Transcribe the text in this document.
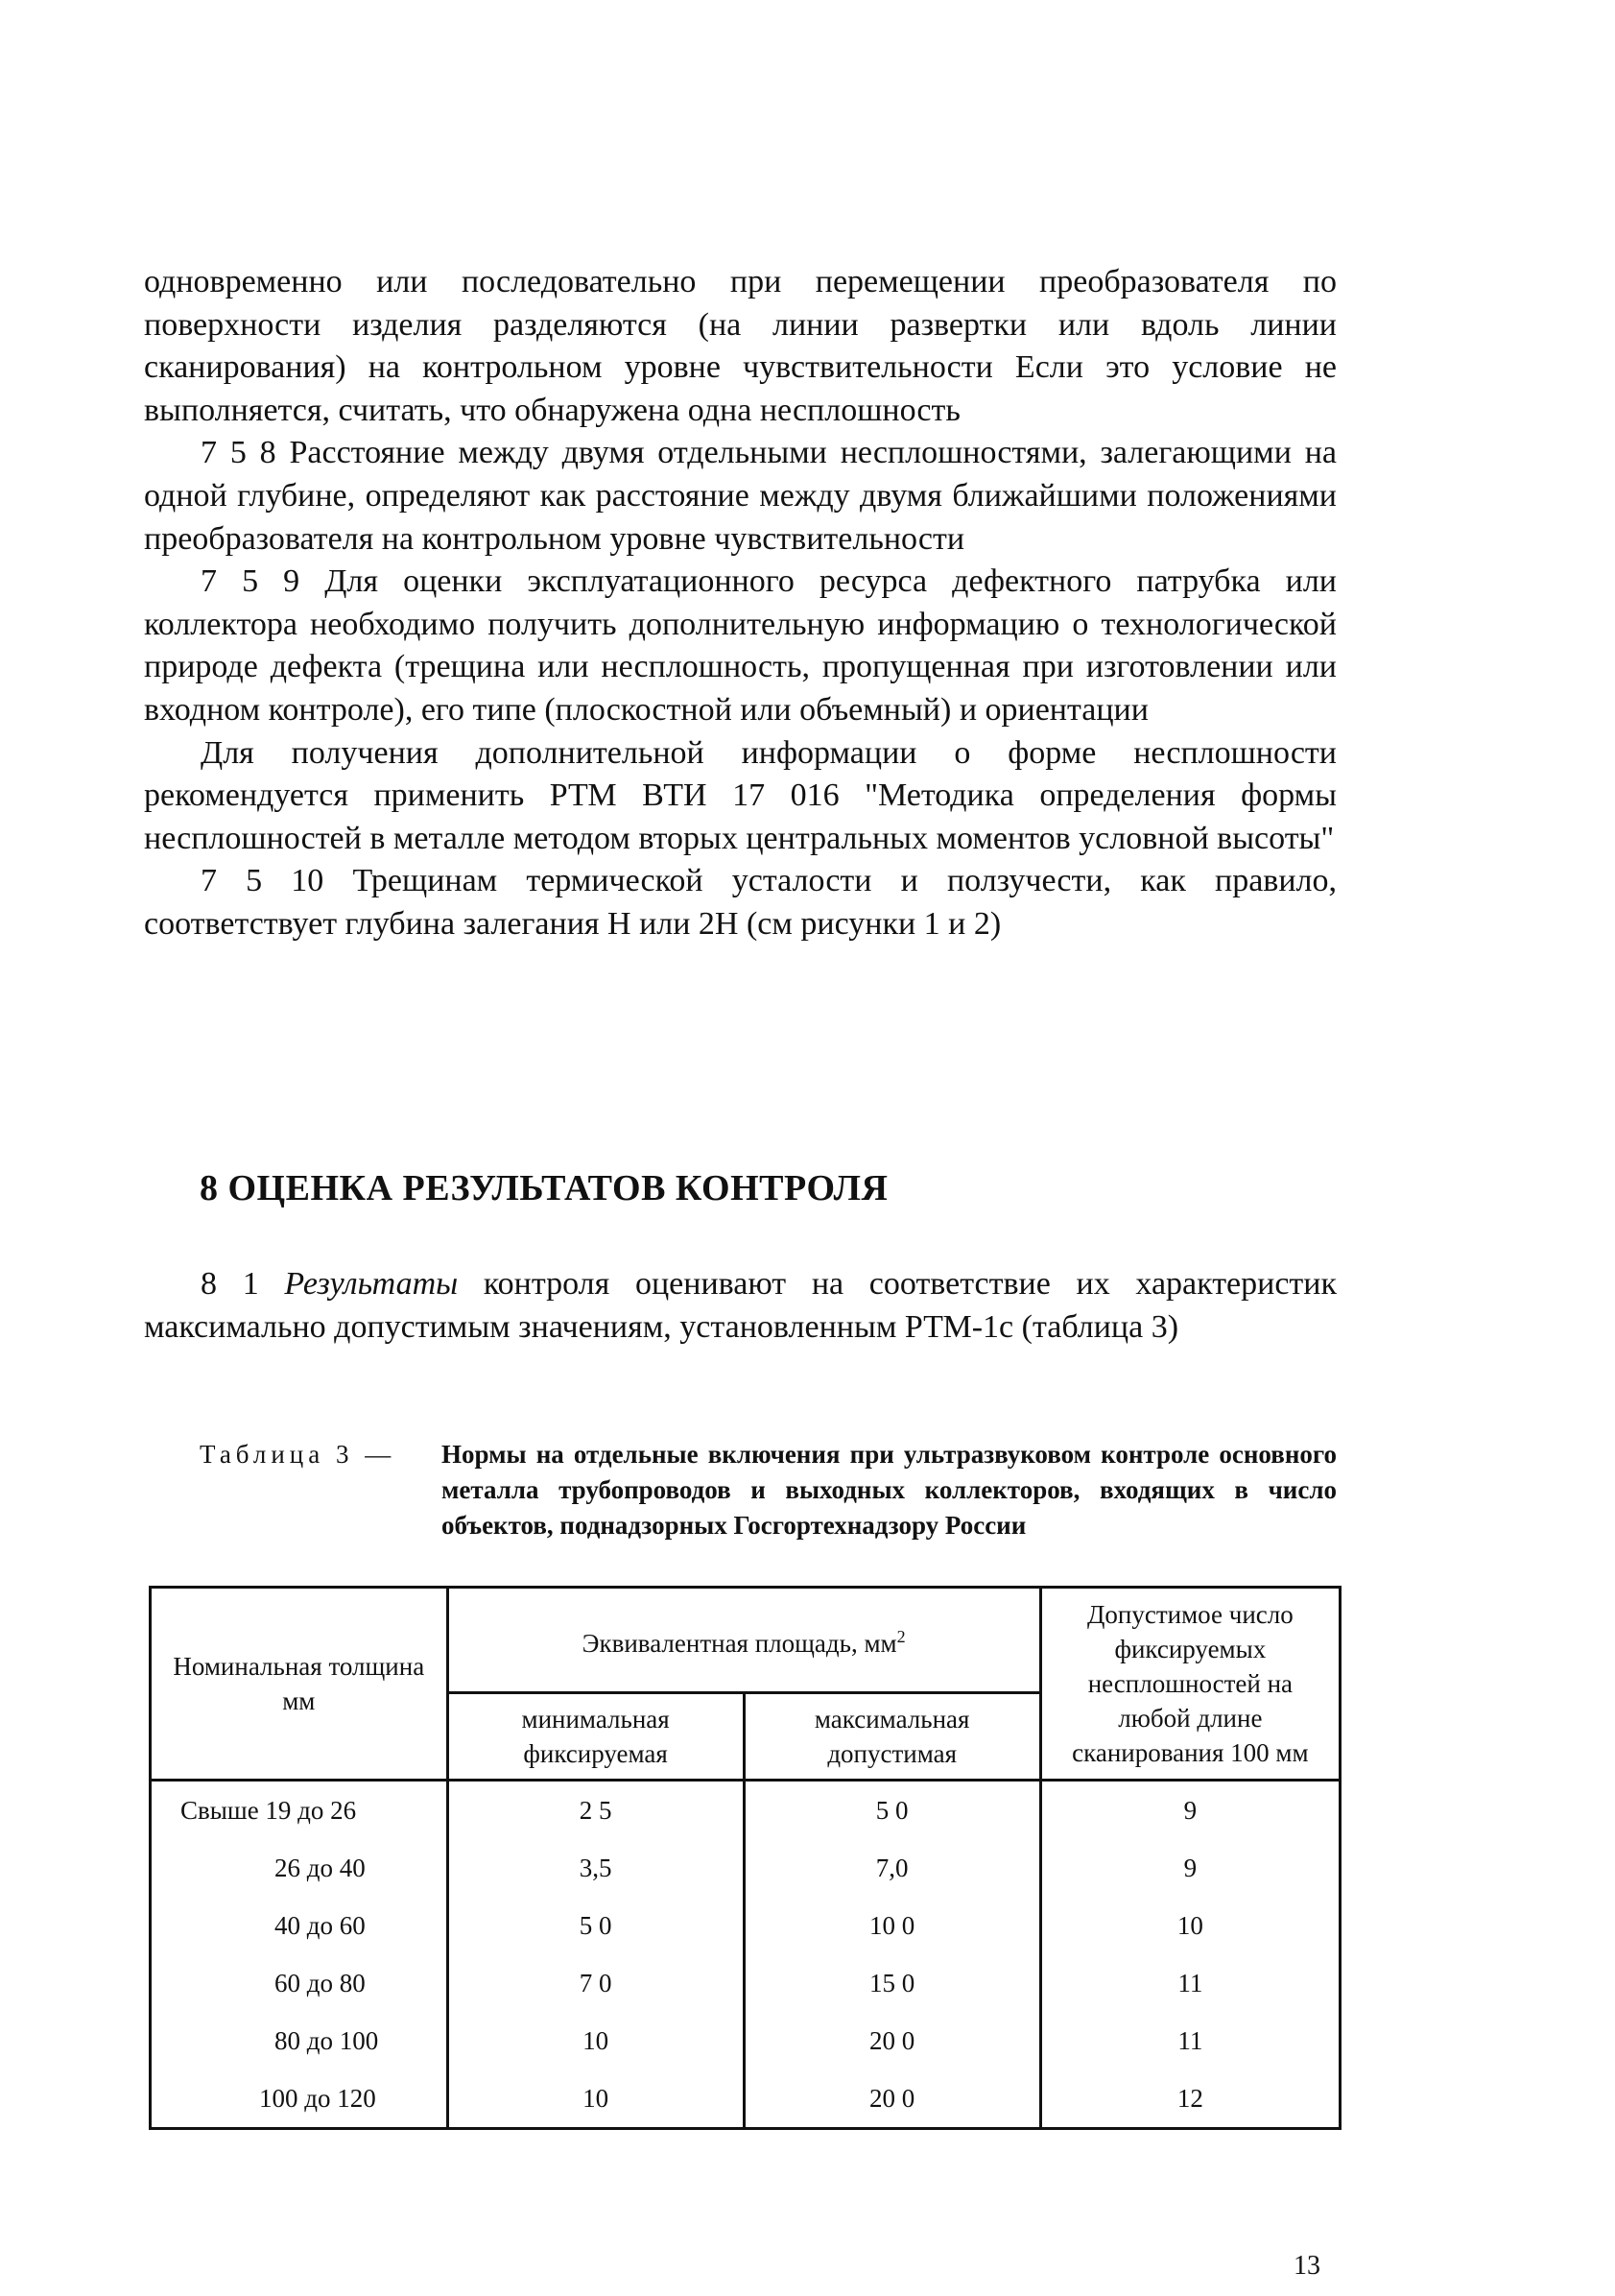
одновременно или последовательно при перемещении преобразователя по поверхности изделия разделяются (на линии развертки или вдоль линии сканирования) на контрольном уровне чувствительности Если это условие не выполняется, считать, что обнаружена одна несплошность

7 5 8 Расстояние между двумя отдельными несплошностями, залегающими на одной глубине, определяют как расстояние между двумя ближайшими положениями преобразователя на контрольном уровне чувствительности

7 5 9 Для оценки эксплуатационного ресурса дефектного патрубка или коллектора необходимо получить дополнительную информацию о технологической природе дефекта (трещина или несплошность, пропущенная при изготовлении или входном контроле), его типе (плоскостной или объемный) и ориентации

Для получения дополнительной информации о форме несплошности рекомендуется применить РТМ ВТИ 17 016 "Методика определения формы несплошностей в металле методом вторых центральных моментов условной высоты"

7 5 10 Трещинам термической усталости и ползучести, как правило, соответствует глубина залегания Н или 2Н (см рисунки 1 и 2)

8 ОЦЕНКА РЕЗУЛЬТАТОВ КОНТРОЛЯ

8 1 Результаты контроля оценивают на соответствие их характеристик максимально допустимым значениям, установленным РТМ-1с (таблица 3)

Таблица 3 — Нормы на отдельные включения при ультразвуковом контроле основного металла трубопроводов и выходных коллекторов, входящих в число объектов, поднадзорных Госгортехнадзору России
Номинальная толщина мм	Эквивалентная площадь, $мм^2$		Допустимое число фиксируемых несплошностей на любой длине сканирования 100 мм
	минимальная фиксируемая	максимальная допустимая	
Свыше 19 до 26	2 5	5 0	9
26 до 40	3,5	7,0	9
40 до 60	5 0	10 0	10
60 до 80	7 0	15 0	11
80 до 100	10	20 0	11
100 до 120	10	20 0	12
13
